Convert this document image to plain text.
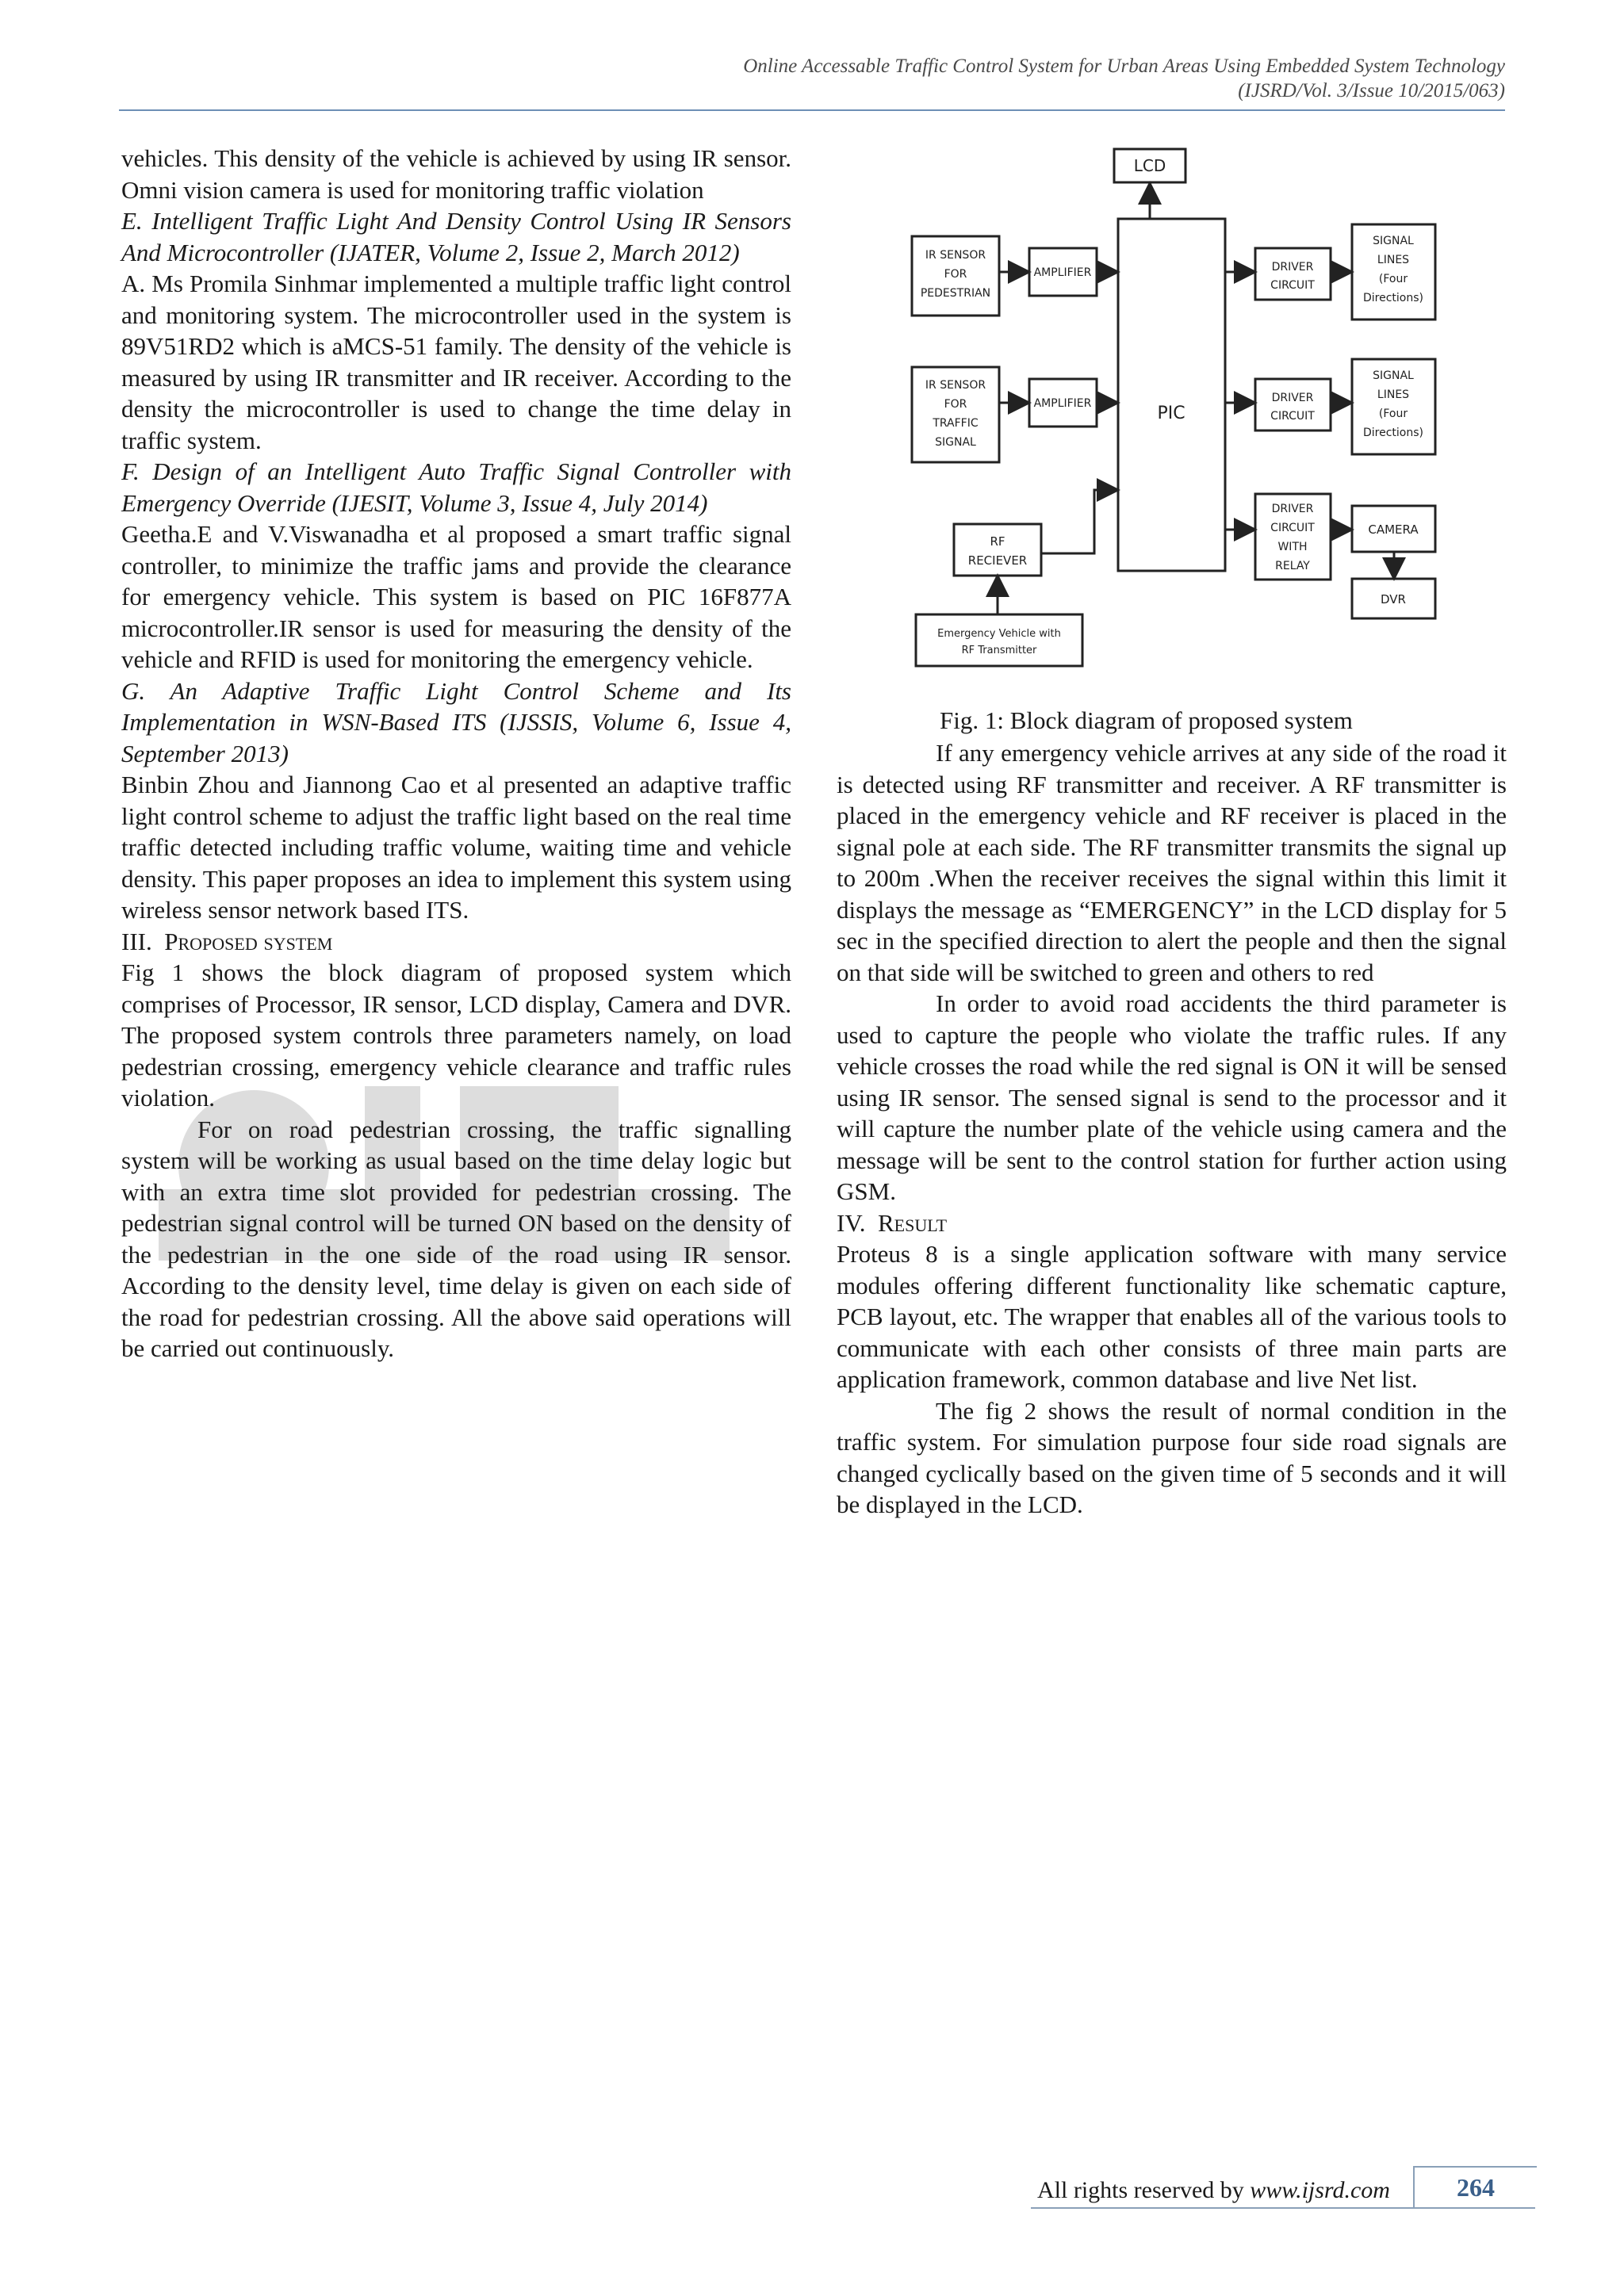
Online Accessable Traffic Control System for Urban Areas Using Embedded System Technology
(IJSRD/Vol. 3/Issue 10/2015/063)

vehicles. This density of the vehicle is achieved by using IR sensor. Omni vision camera is used for monitoring traffic violation

E. Intelligent Traffic Light And Density Control Using IR Sensors And Microcontroller (IJATER, Volume 2, Issue 2, March 2012)

A. Ms Promila Sinhmar implemented a multiple traffic light control and monitoring system. The microcontroller used in the system is 89V51RD2 which is aMCS-51 family. The density of the vehicle is measured by using IR transmitter and IR receiver. According to the density the microcontroller is used to change the time delay in traffic system.

F. Design of an Intelligent Auto Traffic Signal Controller with Emergency Override (IJESIT, Volume 3, Issue 4, July 2014)

Geetha.E and V.Viswanadha et al proposed a smart traffic signal controller, to minimize the traffic jams and provide the clearance for emergency vehicle. This system is based on PIC 16F877A microcontroller.IR sensor is used for measuring the density of the vehicle and RFID is used for monitoring the emergency vehicle.

G. An Adaptive Traffic Light Control Scheme and Its Implementation in WSN-Based ITS (IJSSIS, Volume 6, Issue 4, September 2013)

Binbin Zhou and Jiannong Cao et al presented an adaptive traffic light control scheme to adjust the traffic light based on the real time traffic detected including traffic volume, waiting time and vehicle density. This paper proposes an idea to implement this system using wireless sensor network based ITS.

III. Proposed system

Fig 1 shows the block diagram of proposed system which comprises of Processor, IR sensor, LCD display, Camera and DVR. The proposed system controls three parameters namely, on load pedestrian crossing, emergency vehicle clearance and traffic rules violation.

For on road pedestrian crossing, the traffic signalling system will be working as usual based on the time delay logic but with an extra time slot provided for pedestrian crossing. The pedestrian signal control will be turned ON based on the density of the pedestrian in the one side of the road using IR sensor. According to the density level, time delay is given on each side of the road for pedestrian crossing. All the above said operations will be carried out continuously.

LCD
PIC
IR SENSOR
FOR
PEDESTRIAN
AMPLIFIER
IR SENSOR
FOR
TRAFFIC
SIGNAL
AMPLIFIER
RF
RECIEVER
Emergency Vehicle with
RF Transmitter
DRIVER
CIRCUIT
DRIVER
CIRCUIT
DRIVER
CIRCUIT
WITH
RELAY
SIGNAL
LINES
(Four
Directions)
SIGNAL
LINES
(Four
Directions)
CAMERA
DVR
Fig. 1: Block diagram of proposed system

If any emergency vehicle arrives at any side of the road it is detected using RF transmitter and receiver. A RF transmitter is placed in the emergency vehicle and RF receiver is placed in the signal pole at each side. The RF transmitter transmits the signal up to 200m .When the receiver receives the signal within this limit it displays the message as “EMERGENCY” in the LCD display for 5 sec in the specified direction to alert the people and then the signal on that side will be switched to green and others to red

In order to avoid road accidents the third parameter is used to capture the people who violate the traffic rules. If any vehicle crosses the road while the red signal is ON it will be sensed using IR sensor. The sensed signal is send to the processor and it will capture the number plate of the vehicle using camera and the message will be sent to the control station for further action using GSM.

IV. Result

Proteus 8 is a single application software with many service modules offering different functionality like schematic capture, PCB layout, etc. The wrapper that enables all of the various tools to communicate with each other consists of three main parts are application framework, common database and live Net list.

The fig 2 shows the result of normal condition in the traffic system. For simulation purpose four side road signals are changed cyclically based on the given time of 5 seconds and it will be displayed in the LCD.

All rights reserved by www.ijsrd.com	264
